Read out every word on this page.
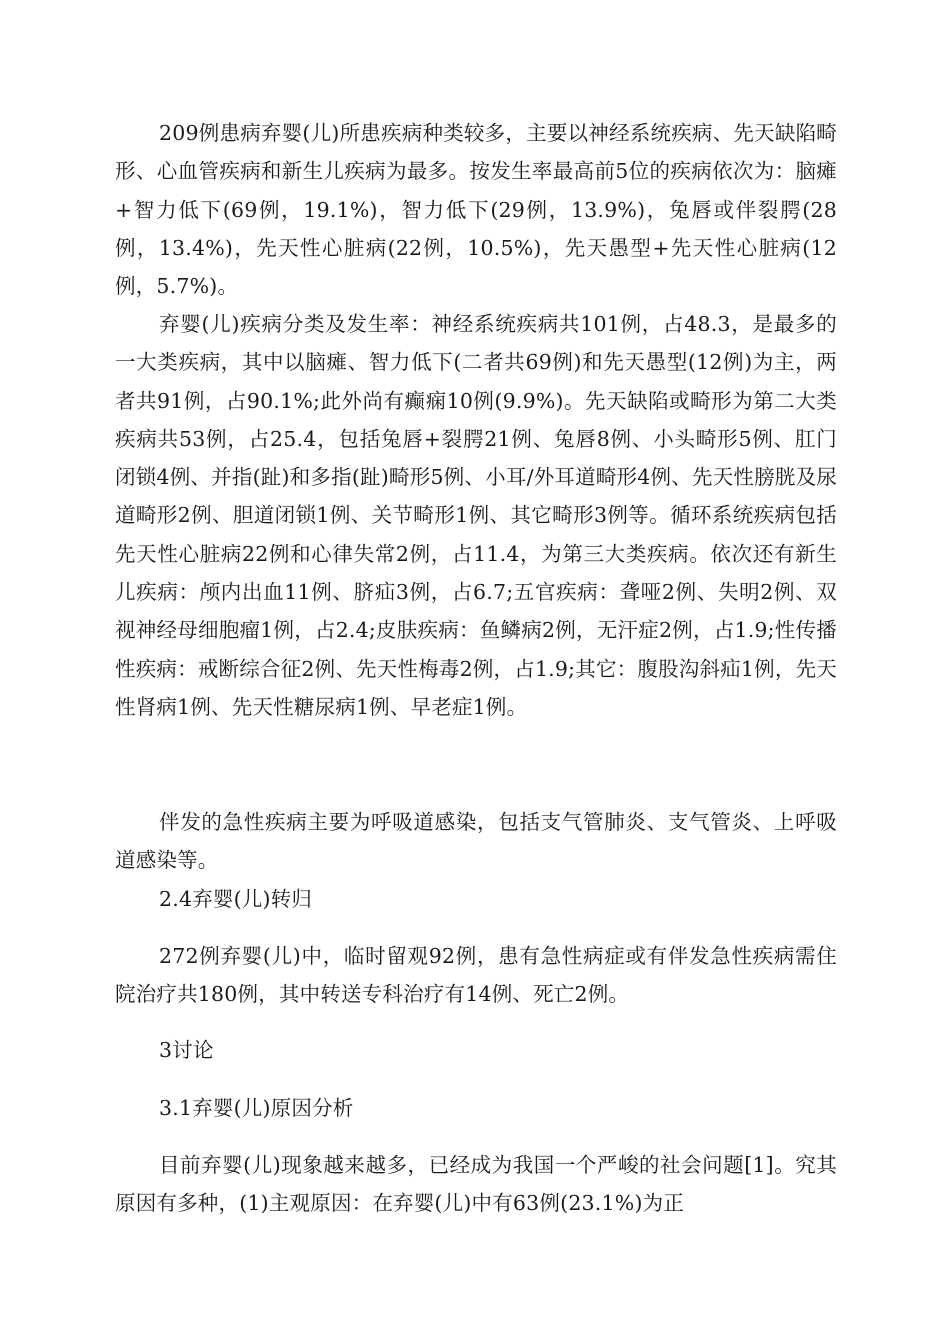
209例患病弃婴(儿)所患疾病种类较多，主要以神经系统疾病、先天缺陷畸形、心血管疾病和新生儿疾病为最多。按发生率最高前5位的疾病依次为：脑瘫+智力低下(69例，19.1%)，智力低下(29例，13.9%)，兔唇或伴裂腭(28例，13.4%)，先天性心脏病(22例，10.5%)，先天愚型+先天性心脏病(12例，5.7%)。

弃婴(儿)疾病分类及发生率：神经系统疾病共101例，占48.3，是最多的一大类疾病，其中以脑瘫、智力低下(二者共69例)和先天愚型(12例)为主，两者共91例，占90.1%;此外尚有癫痫10例(9.9%)。先天缺陷或畸形为第二大类疾病共53例，占25.4，包括兔唇+裂腭21例、兔唇8例、小头畸形5例、肛门闭锁4例、并指(趾)和多指(趾)畸形5例、小耳/外耳道畸形4例、先天性膀胱及尿道畸形2例、胆道闭锁1例、关节畸形1例、其它畸形3例等。循环系统疾病包括先天性心脏病22例和心律失常2例，占11.4，为第三大类疾病。依次还有新生儿疾病：颅内出血11例、脐疝3例，占6.7;五官疾病：聋哑2例、失明2例、双视神经母细胞瘤1例，占2.4;皮肤疾病：鱼鳞病2例，无汗症2例，占1.9;性传播性疾病：戒断综合征2例、先天性梅毒2例，占1.9;其它：腹股沟斜疝1例，先天性肾病1例、先天性糖尿病1例、早老症1例。

伴发的急性疾病主要为呼吸道感染，包括支气管肺炎、支气管炎、上呼吸道感染等。

2.4弃婴(儿)转归

272例弃婴(儿)中，临时留观92例，患有急性病症或有伴发急性疾病需住院治疗共180例，其中转送专科治疗有14例、死亡2例。

3讨论

3.1弃婴(儿)原因分析

目前弃婴(儿)现象越来越多，已经成为我国一个严峻的社会问题[1]。究其原因有多种，(1)主观原因：在弃婴(儿)中有63例(23.1%)为正
